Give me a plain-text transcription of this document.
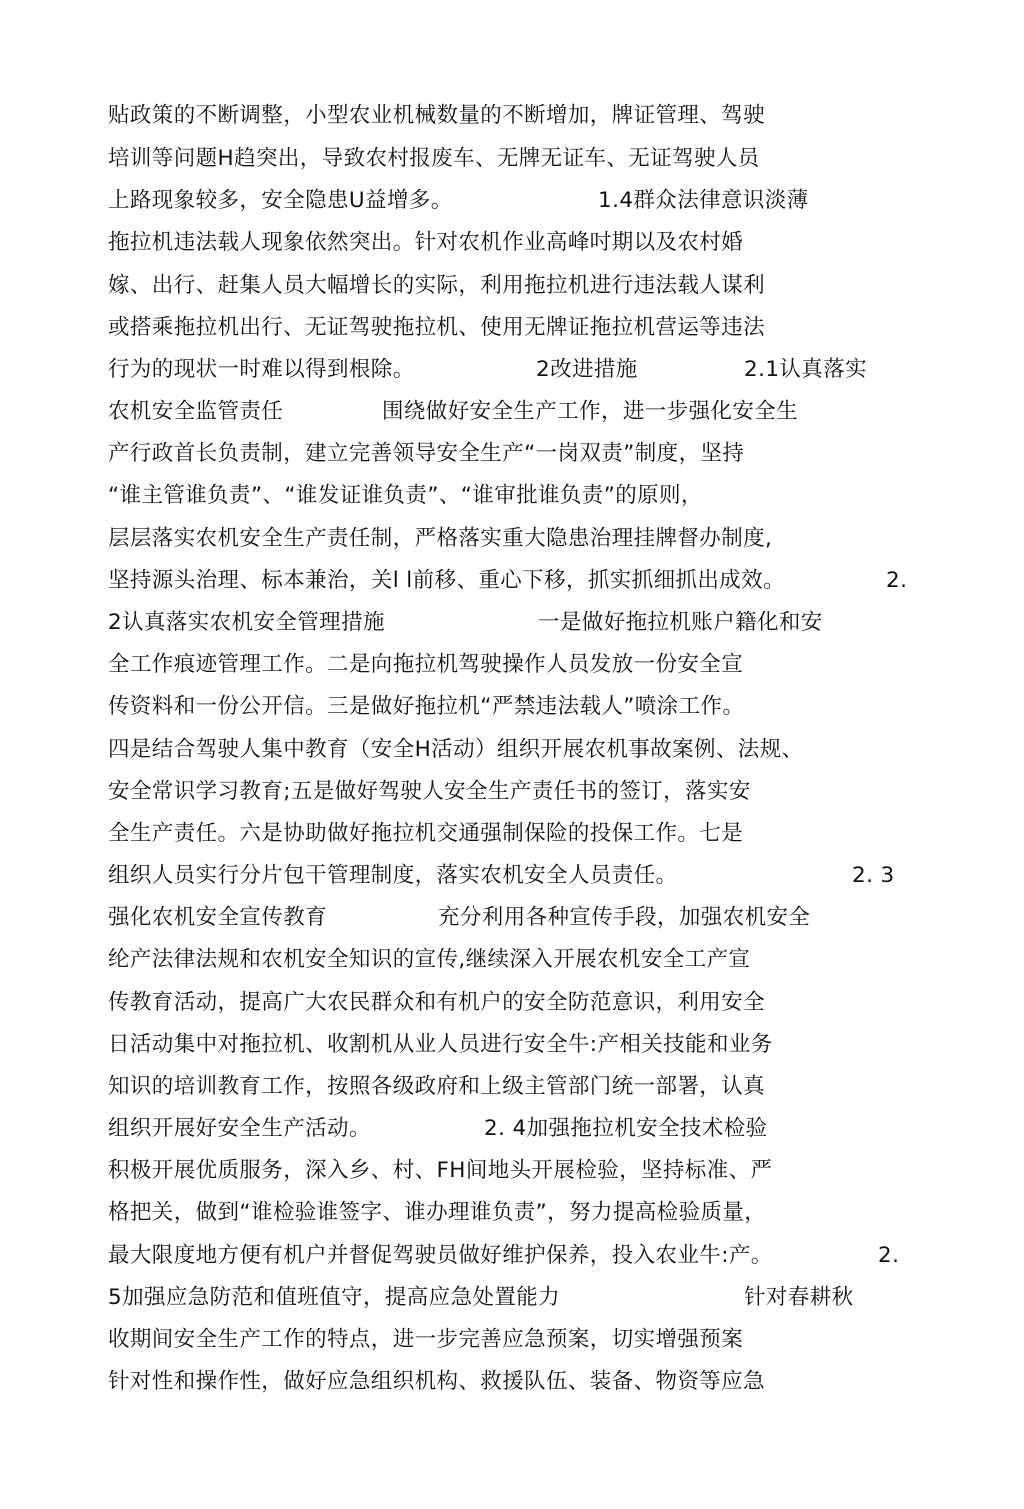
贴政策的不断调整，小型农业机械数量的不断增加，牌证管理、驾驶
培训等问题H趋突出，导致农村报废车、无牌无证车、无证驾驶人员
上路现象较多，安全隐患U益增多。	1.4群众法律意识淡薄
拖拉机违法载人现象依然突出。针对农机作业高峰吋期以及农村婚
嫁、出行、赶集人员大幅增长的实际，利用拖拉机进行违法载人谋利
或搭乘拖拉机出行、无证驾驶拖拉机、使用无牌证拖拉机营运等违法
行为的现状一时难以得到根除。	2改进措施	2.1认真落实
农机安全监管责任	围绕做好安全生产工作，进一步强化安全生
产行政首长负责制，建立完善领导安全生产“一岗双责”制度，坚持
“谁主管谁负责”、“谁发证谁负责”、“谁审批谁负责”的原则，
层层落实农机安全生产责任制，严格落实重大隐患治理挂牌督办制度,
坚持源头治理、标本兼治，关l l前移、重心下移，抓实抓细抓出成效。	2.
2认真落实农机安全管理措施	一是做好拖拉机账户籍化和安
全工作痕迹管理工作。二是向拖拉机驾驶操作人员发放一份安全宣
传资料和一份公开信。三是做好拖拉机“严禁违法载人”喷涂工作。
四是结合驾驶人集中教育（安全H活动）组织开展农机事故案例、法规、
安全常识学习教育;五是做好驾驶人安全生产责任书的签订，落实安
全生产责任。六是协助做好拖拉机交通强制保险的投保工作。七是
组织人员实行分片包干管理制度，落实农机安全人员责任。	2. 3
强化农机安全宣传教育	充分利用各种宣传手段，加强农机安全
纶产法律法规和农机安全知识的宣传,继续深入开展农机安全工产宣
传教育活动，提高广大农民群众和有机户的安全防范意识，利用安全
日活动集中对拖拉机、收割机从业人员进行安全牛:产相关技能和业务
知识的培训教育工作，按照各级政府和上级主管部门统一部署，认真
组织开展好安全生产活动。	2. 4加强拖拉机安全技术检验
积极开展优质服务，深入乡、村、FH间地头开展检验，坚持标准、严
格把关，做到“谁检验谁签字、谁办理谁负责”，努力提高检验质量，
最大限度地方便有机户并督促驾驶员做好维护保养，投入农业牛:产。	2.
5加强应急防范和值班值守，提高应急处置能力	针对春耕秋
收期间安全生产工作的特点，进一步完善应急预案，切实增强预案
针对性和操作性，做好应急组织机构、救援队伍、装备、物资等应急
